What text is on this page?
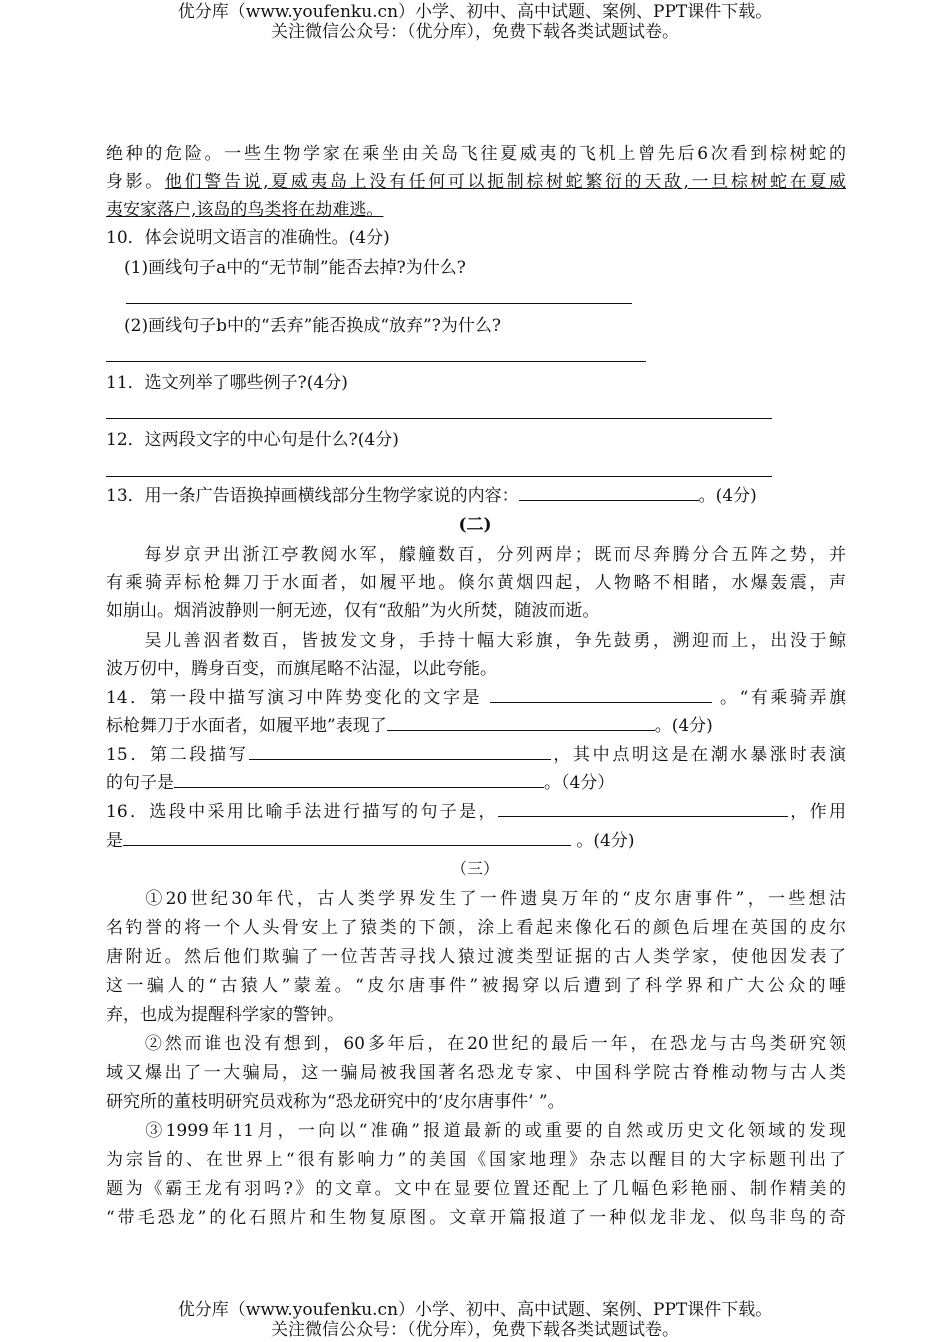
优分库（www.youfenku.cn）小学、初中、高中试题、案例、PPT课件下载。
关注微信公众号：（优分库），免费下载各类试题试卷。
绝种的危险。一些生物学家在乘坐由关岛飞往夏威夷的飞机上曾先后6次看到棕树蛇的
身影。他们警告说,夏威夷岛上没有任何可以扼制棕树蛇繁衍的天敌,一旦棕树蛇在夏威
夷安家落户,该岛的鸟类将在劫难逃。
10．体会说明文语言的准确性。(4分)
(1)画线句子a中的“无节制”能否去掉?为什么?
(2)画线句子b中的“丢弃”能否换成“放弃”?为什么?
11．选文列举了哪些例子?(4分)
12．这两段文字的中心句是什么?(4分)
13．用一条广告语换掉画横线部分生物学家说的内容：	。(4分)
(二)
每岁京尹出浙江亭教阅水军，艨艟数百，分列两岸；既而尽奔腾分合五阵之势，并
有乘骑弄标枪舞刀于水面者，如履平地。倏尔黄烟四起，人物略不相睹，水爆轰震，声
如崩山。烟消波静则一舸无迹，仅有“敌船”为火所焚，随波而逝。
吴儿善泅者数百，皆披发文身，手持十幅大彩旗，争先鼓勇，溯迎而上，出没于鲸
波万仞中，腾身百变，而旗尾略不沾湿，以此夸能。
14．第一段中描写演习中阵势变化的文字是	。“有乘骑弄旗
标枪舞刀于水面者，如履平地”表现了	。(4分)
15．第二段描写	，其中点明这是在潮水暴涨时表演
的句子是	。（4分）
16．选段中采用比喻手法进行描写的句子是，	，作用
是	。(4分)
（三）
①20世纪30年代，古人类学界发生了一件遗臭万年的“皮尔唐事件”，一些想沽
名钓誉的将一个人头骨安上了猿类的下颌，涂上看起来像化石的颜色后埋在英国的皮尔
唐附近。然后他们欺骗了一位苦苦寻找人猿过渡类型证据的古人类学家，使他因发表了
这一骗人的“古猿人”蒙羞。“皮尔唐事件”被揭穿以后遭到了科学界和广大公众的唾
弃，也成为提醒科学家的警钟。
②然而谁也没有想到，60多年后，在20世纪的最后一年，在恐龙与古鸟类研究领
域又爆出了一大骗局，这一骗局被我国著名恐龙专家、中国科学院古脊椎动物与古人类
研究所的董枝明研究员戏称为“恐龙研究中的‘皮尔唐事件’ ”。
③1999年11月，一向以“准确”报道最新的或重要的自然或历史文化领域的发现
为宗旨的、在世界上“很有影响力”的美国《国家地理》杂志以醒目的大字标题刊出了
题为《霸王龙有羽吗?》的文章。文中在显要位置还配上了几幅色彩艳丽、制作精美的
“带毛恐龙”的化石照片和生物复原图。文章开篇报道了一种似龙非龙、似鸟非鸟的奇
优分库（www.youfenku.cn）小学、初中、高中试题、案例、PPT课件下载。
关注微信公众号：（优分库），免费下载各类试题试卷。
